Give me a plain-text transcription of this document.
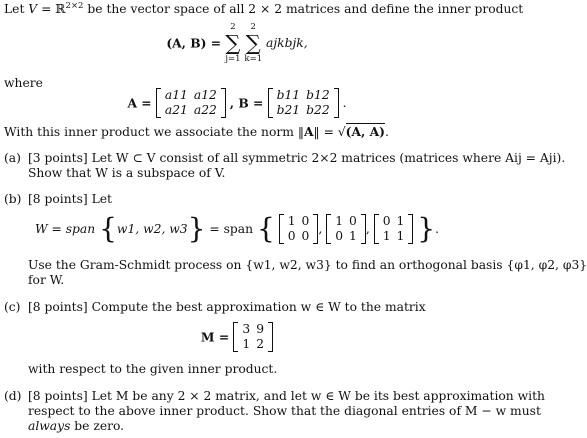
Let V = ℝ$^{2\times 2}$ be the vector space of all 2 × 2 matrices and define the inner product
(A, B) =
2
∑
j=1

2
∑
k=1
ajkbjk,
where
A =
a11	a12
a21	a22 , B =
b11	b12
b21	b22 .
With this inner product we associate the norm ‖A‖ = √(A, A).
(a) [3 points] Let W ⊂ V consist of all symmetric 2×2 matrices (matrices where Aij = Aji).
Show that W is a subspace of V.
(b) [8 points] Let
W = span {w1, w2, w3} = span { 1	0
0	0 ,
1	0
0	1 ,
0	1
1	1 }.
Use the Gram-Schmidt process on {w1, w2, w3} to find an orthogonal basis {φ1, φ2, φ3}
for W.
(c) [8 points] Compute the best approximation w ∈ W to the matrix
M =
3	9
1	2
with respect to the given inner product.
(d) [8 points] Let M be any 2 × 2 matrix, and let w ∈ W be its best approximation with
respect to the above inner product. Show that the diagonal entries of M − w must
always be zero.
